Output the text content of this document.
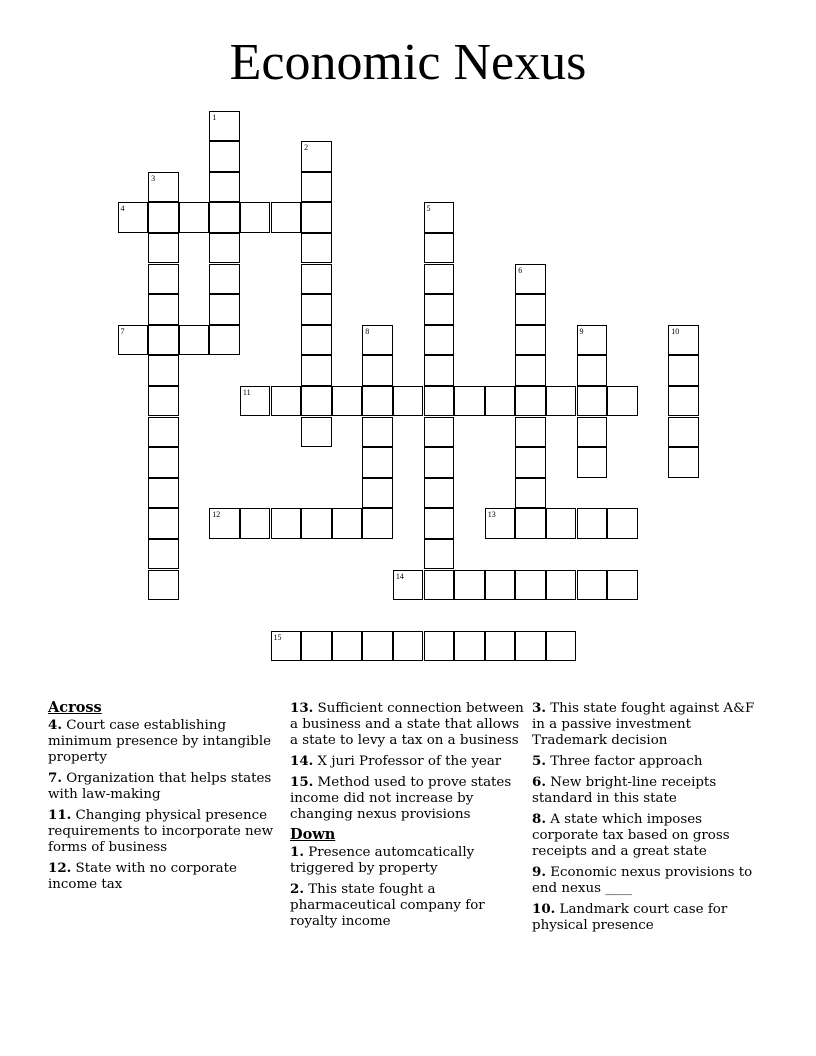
Economic Nexus
1
2
3
4	5
6
7	8	9	10
11
12	13
14
15
Across
4. Court case establishing minimum presence by intangible property
7. Organization that helps states with law-making
11. Changing physical presence requirements to incorporate new forms of business
12. State with no corporate income tax
13. Sufficient connection between a business and a state that allows a state to levy a tax on a business
14. X juri Professor of the year
15. Method used to prove states income did not increase by changing nexus provisions
Down
1. Presence automcatically triggered by property
2. This state fought a pharmaceutical company for royalty income
3. This state fought against A&F in a passive investment Trademark decision
5. Three factor approach
6. New bright-line receipts standard in this state
8. A state which imposes corporate tax based on gross receipts and a great state
9. Economic nexus provisions to end nexus ____
10. Landmark court case for physical presence
